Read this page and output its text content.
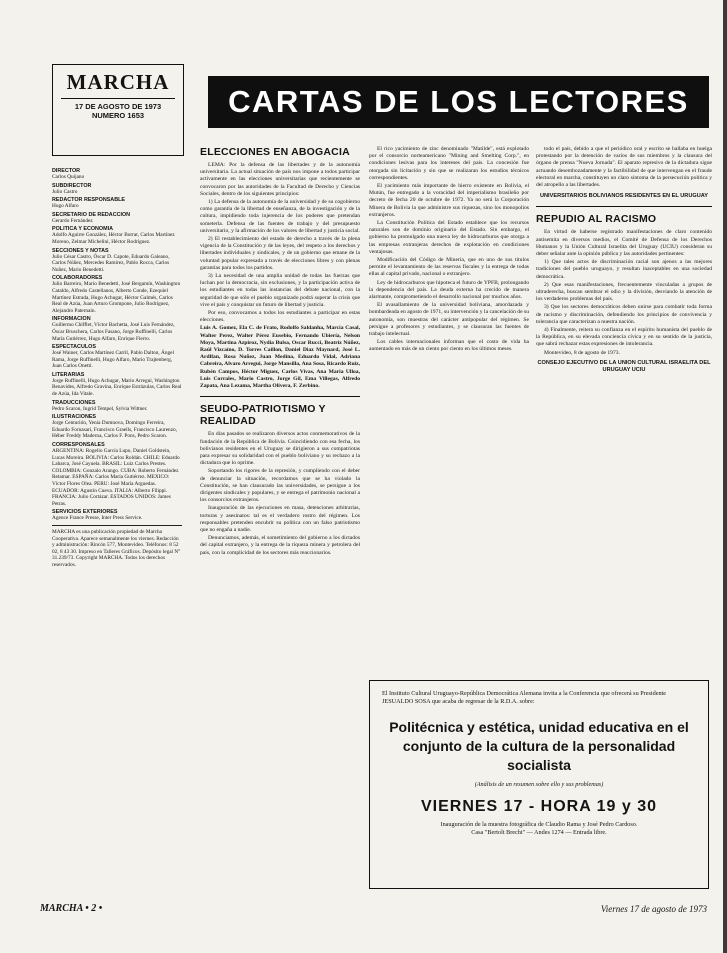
MARCHA
17 DE AGOSTO DE 1973
NUMERO 1653
DIRECTOR
Carlos Quijano
SUBDIRECTOR
Julio Castro
REDACTOR RESPONSABLE
Hugo Alfaro
SECRETARIO DE REDACCION
Gerardo Fernández
POLITICA Y ECONOMIA
Adolfo Aguirre González, Héctor Borrat, Carlos Martínez Moreno, Zelmar Michelini, Héctor Rodríguez.
SECCIONES Y NOTAS
Julio César Castro, Óscar D. Capote, Eduardo Galeano, Carlos Núñez, Mercedes Ramírez, Pablo Rocca, Carlos Nuñez, Mario Benedetti.
COLABORADORES
Julio Barreiro, Mario Benedetti, José Bergamín, Washington Cataldo, Alfredo Castellanos, Alberto Conde, Ezequiel Martínez Estrada, Hugo Achugar, Héctor Galmés, Carlos Real de Azúa, Juan Arturo Grompone, Julio Rodríguez, Alejandro Paternain.
INFORMACION
Guillermo Chifflet, Víctor Bachetta, José Luis Fernández, Óscar Bruschera, Carlos Fasano, Jorge Ruffinelli, Carlos María Gutiérrez, Hugo Alfaro, Enrique Fierro.
ESPECTACULOS
José Wainer, Carlos Martínez Carril, Pablo Dalton, Ángel Rama, Jorge Ruffinelli, Hugo Alfaro, Mario Trajtenberg, Juan Carlos Onetti.
LITERARIAS
Jorge Ruffinelli, Hugo Achugar, Mario Arregui, Washington Benavides, Alfredo Gravina, Enrique Estrázulas, Carlos Real de Azúa, Ida Vitale.
TRADUCCIONES
Pedro Scaron, Ingrid Tempel, Sylvia Wittner.
ILUSTRACIONES
Jorge Centurión, Yenia Dumnova, Domingo Ferreira, Eduardo Fornasari, Francisco Graells, Francisco Laurenzo, Héber Freddy Maderna, Carlos F. Pons, Pedro Scaron.
CORRESPONSALES
ARGENTINA: Rogelio García Lupo, Daniel Goldstein, Lucas Moreira. BOLIVIA: Carlos Roldán. CHILE: Eduardo Labarca, José Cayuela. BRASIL: Luiz Carlos Prestes. COLOMBIA: Gonzalo Arango. CUBA: Roberto Fernández Retamar. ESPAÑA: Carlos María Gutiérrez. MEXICO: Víctor Flores Olea. PERU: José María Arguedas. ECUADOR: Agustín Cueva. ITALIA: Alberto Filippi. FRANCIA: Julio Cortázar. ESTADOS UNIDOS: James Petras.
SERVICIOS EXTERIORES
Agence France Presse, Inter Press Service.
MARCHA es una publicación propiedad de Marcha Cooperativa. Aparece semanalmente los viernes. Redacción y administración: Rincón 577, Montevideo. Teléfonos: 8 52 02, 8 43 30. Impreso en Talleres Gráficos. Depósito legal N° 31.239/73. Copyright MARCHA. Todos los derechos reservados.
CARTAS DE LOS LECTORES
ELECCIONES EN ABOGACIA
LEMA: Por la defensa de las libertades y de la autonomía universitaria. La actual situación de país nos impone a todos participar activamente en las elecciones universitarias que recientemente se convocaron por las autoridades de la Facultad de Derecho y Ciencias Sociales, dentro de los siguientes principios:
1) La defensa de la autonomía de la universidad y de su cogobierno como garantía de la libertad de enseñanza, de la investigación y de la cultura, impidiendo toda injerencia de los poderes que pretendan someterla. Defensa de las fuentes de trabajo y del presupuesto universitario, y la afirmación de los valores de libertad y justicia social.
2) El restablecimiento del estado de derecho a través de la plena vigencia de la Constitución y de las leyes, del respeto a los derechos y libertades individuales y sindicales, y de un gobierno que emane de la voluntad popular expresada a través de elecciones libres y con plenas garantías para todos los partidos.
3) La necesidad de una amplia unidad de todas las fuerzas que luchan por la democracia, sin exclusiones, y la participación activa de los estudiantes en todas las instancias del debate nacional, con la seguridad de que sólo el pueblo organizado podrá superar la crisis que vive el país y conquistar un futuro de libertad y justicia.
Por eso, convocamos a todos los estudiantes a participar en estas elecciones.
Luis A. Gomez, Ela C. de Frato, Rodolfo Saldanha, Marcia Casal, Walter Perez, Walter Pérez Eusebio, Fernando Ubiería, Nelson Moya, Martina Azpiroz, Nydia Bulsa, Oscar Rucci, Beatriz Núñez, Raúl Vizcaíno, D. Torres Caillon, Daniel Diaz Maynard, José L. Ardlfan, Rosa Nuñez, Juan Medina, Eduardo Vidal, Adriana Cabreira, Alvaro Arregui, Jorge Mansilla, Ana Sosa, Ricardo Ruiz, Rubén Campos, Héctor Miguez, Carlos Vivas, Ana Maria Ulloa, Luis Corrales, Mario Castro, Jorge Gil, Ema Villegas, Alfredo Zapata, Ana Lezama, Martha Olivera, F. Zerbino.
SEUDO-PATRIOTISMO Y REALIDAD
En días pasados se realizaron diversos actos conmemorativos de la fundación de la República de Bolivia. Coincidiendo con esa fecha, los bolivianos residentes en el Uruguay se dirigieron a sus compatriotas para expresar su solidaridad con el pueblo boliviano y su rechazo a la dictadura que lo oprime.
Soportando los rigores de la represión, y cumpliendo con el deber de denunciar la situación, recordamos que se ha violado la Constitución, se han clausurado las universidades, se persigue a los dirigentes sindicales y populares, y se entrega el patrimonio nacional a los consorcios extranjeros.
Inauguración de las ejecuciones en masa, detenciones arbitrarias, torturas y asesinatos: tal es el verdadero rostro del régimen. Los responsables pretenden encubrir su política con un falso patriotismo que no engaña a nadie.
Denunciamos, además, el sometimiento del gobierno a los dictados del capital extranjero, y la entrega de la riqueza minera y petrolera del país, con la complicidad de los sectores más reaccionarios.
El rico yacimiento de zinc denominado "Matilde", está explotado por el consorcio norteamericano "Mining and Smelting Corp.", en condiciones lesivas para los intereses del país. La concesión fue otorgada sin licitación y sin que se realizaran los estudios técnicos correspondientes.
El yacimiento más importante de hierro existente en Bolivia, el Mutún, fue entregado a la voracidad del imperialismo brasileño por decreto de fecha 20 de octubre de 1972. Ya no será la Corporación Minera de Bolivia la que administre sus riquezas, sino los monopolios extranjeros.
La Constitución Política del Estado establece que los recursos naturales son de dominio originario del Estado. Sin embargo, el gobierno ha promulgado una nueva ley de hidrocarburos que otorga a las empresas extranjeras derechos de explotación en condiciones ventajosas.
Modificación del Código de Minería, que en uno de sus títulos permite el levantamiento de las reservas fiscales y la entrega de todas ellas al capital privado, nacional o extranjero.
Ley de hidrocarburos que hipoteca el futuro de YPFB, prolongando la dependencia del país. La deuda externa ha crecido de manera alarmante, comprometiendo el desarrollo nacional por muchos años.
El avasallamiento de la universidad boliviana, amordazada y bombardeada en agosto de 1971, su intervención y la cancelación de su autonomía, son muestras del carácter antipopular del régimen. Se persigue a profesores y estudiantes, y se clausuran las fuentes de trabajo intelectual.
Los cables internacionales informan que el costo de vida ha aumentado en más de un ciento por ciento en los últimos meses.
todo el país, debido a que el periódico oral y escrito se hallaba en huelga protestando por la detención de varios de sus miembros y la clausura del órgano de prensa "Nueva Jornada". El aparato represivo de la dictadura sigue actuando desembozadamente y la factibilidad de que intervengan en el fraude electoral en marcha, constituyen un claro síntoma de la persecución política y del atropello a las libertades.
UNIVERSITARIOS BOLIVIANOS RESIDENTES EN EL URUGUAY
REPUDIO AL RACISMO
En virtud de haberse registrado manifestaciones de claro contenido antisemita en diversos medios, el Comité de Defensa de los Derechos Humanos y la Unión Cultural Israelita del Uruguay (UCIU) consideran su deber señalar ante la opinión pública y las autoridades pertinentes:
1) Que tales actos de discriminación racial son ajenos a las mejores tradiciones del pueblo uruguayo, y resultan inaceptables en una sociedad democrática.
2) Que esas manifestaciones, frecuentemente vinculadas a grupos de ultraderecha, buscan sembrar el odio y la división, desviando la atención de los verdaderos problemas del país.
3) Que los sectores democráticos deben unirse para combatir toda forma de racismo y discriminación, defendiendo los principios de convivencia y tolerancia que caracterizan a nuestra nación.
4) Finalmente, reitera su confianza en el espíritu humanista del pueblo de la República, en su elevada conciencia cívica y en su sentido de la justicia, que sabrá rechazar estas expresiones de intolerancia.
Montevideo, 8 de agosto de 1973.
CONSEJO EJECUTIVO DE LA UNION CULTURAL ISRAELITA DEL URUGUAY UCIU
El Instituto Cultural Uruguayo-República Democrática Alemana invita a la Conferencia que ofrecerá su Presidente JESUALDO SOSA que acaba de regresar de la R.D.A. sobre:
Politécnica y estética, unidad educativa en el conjunto de la cultura de la personalidad socialista
(Análisis de un resumen sobre ello y sus problemas)
VIERNES 17 - HORA 19 y 30
Inauguración de la muestra fotográfica de Claudio Rama y José Pedro Cardoso.
Casa "Bertolt Brecht" — Andes 1274 — Entrada libre.
MARCHA • 2 •	Viernes 17 de agosto de 1973
